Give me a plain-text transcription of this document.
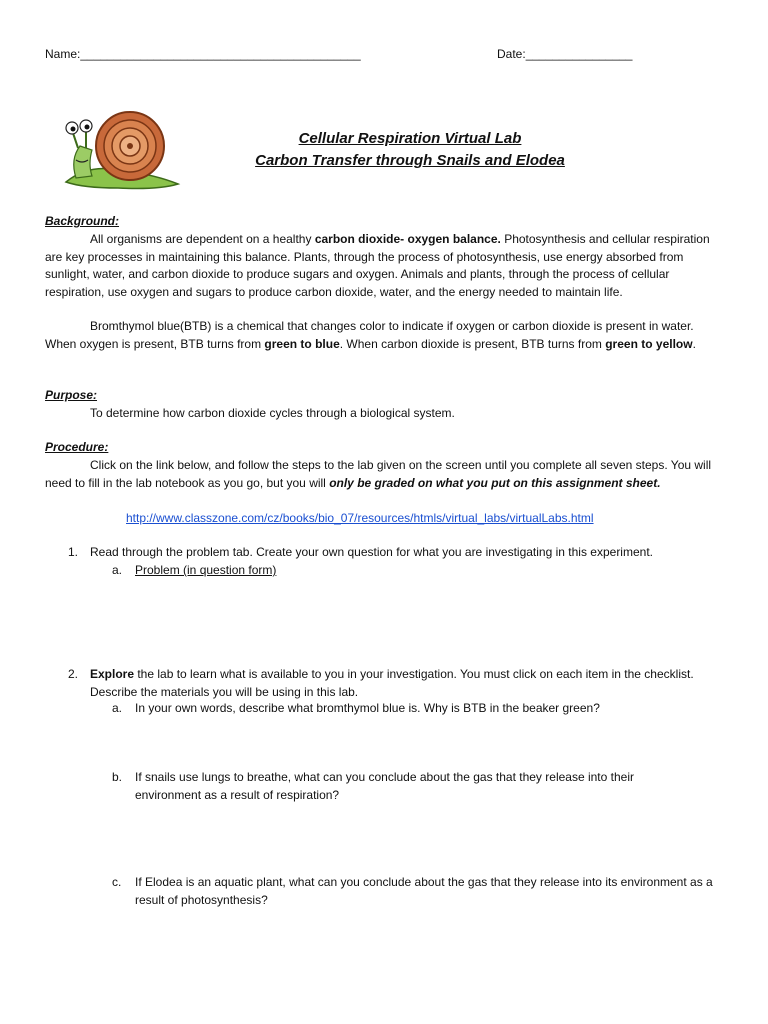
Name:__________________________________________	Date:________________
Cellular Respiration Virtual Lab
Carbon Transfer through Snails and Elodea
Background:

All organisms are dependent on a healthy carbon dioxide- oxygen balance. Photosynthesis and cellular respiration are key processes in maintaining this balance. Plants, through the process of photosynthesis, use energy absorbed from sunlight, water, and carbon dioxide to produce sugars and oxygen. Animals and plants, through the process of cellular respiration, use oxygen and sugars to produce carbon dioxide, water, and the energy needed to maintain life.

Bromthymol blue(BTB) is a chemical that changes color to indicate if oxygen or carbon dioxide is present in water. When oxygen is present, BTB turns from green to blue. When carbon dioxide is present, BTB turns from green to yellow.

Purpose:

To determine how carbon dioxide cycles through a biological system.

Procedure:

Click on the link below, and follow the steps to the lab given on the screen until you complete all seven steps. You will need to fill in the lab notebook as you go, but you will only be graded on what you put on this assignment sheet.

http://www.classzone.com/cz/books/bio_07/resources/htmls/virtual_labs/virtualLabs.html
1. Read through the problem tab. Create your own question for what you are investigating in this experiment.
a. Problem (in question form)
2. Explore the lab to learn what is available to you in your investigation. You must click on each item in the checklist. Describe the materials you will be using in this lab.
a. In your own words, describe what bromthymol blue is. Why is BTB in the beaker green?
b. If snails use lungs to breathe, what can you conclude about the gas that they release into their environment as a result of respiration?
c. If Elodea is an aquatic plant, what can you conclude about the gas that they release into its environment as a result of photosynthesis?
